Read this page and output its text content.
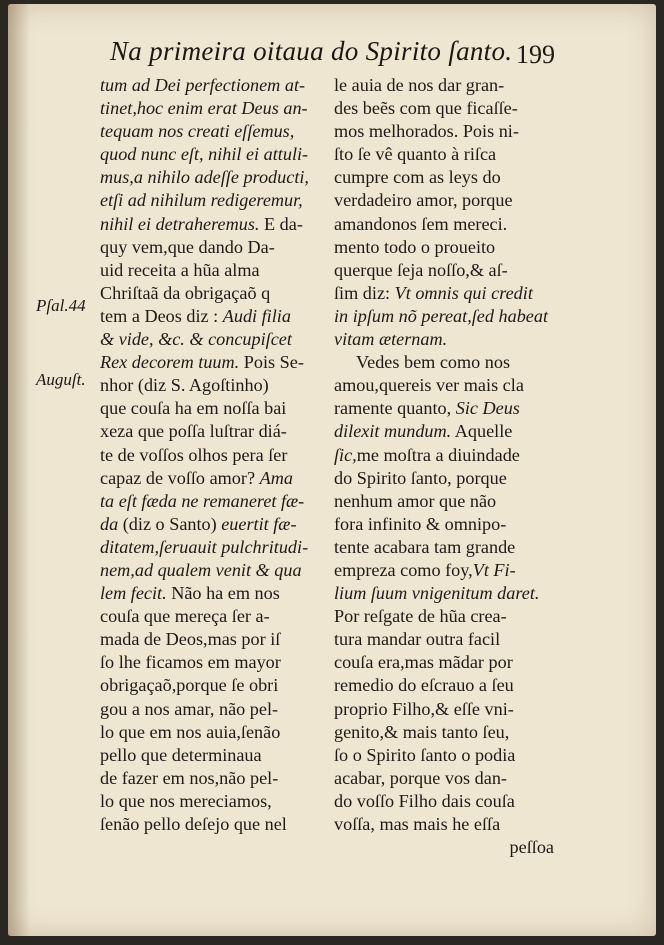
Na primeira oitaua do Spirito ſanto. 199
Pſal.44
Auguſt.
tum ad Dei perfectionem at-
tinet,hoc enim erat Deus an-
tequam nos creati eſſemus,
quod nunc eſt, nihil ei attuli-
mus,a nihilo adeſſe producti,
etſi ad nihilum redigeremur,
nihil ei detraheremus. E da-
quy vem,que dando Da-
uid receita a hũa alma
Chriſtaã da obrigaçaõ q
tem a Deos diz : Audi filia
& vide, &c. & concupiſcet
Rex decorem tuum. Pois Se-
nhor (diz S. Agoſtinho)
que couſa ha em noſſa bai
xeza que poſſa luſtrar diá-
te de voſſos olhos pera ſer
capaz de voſſo amor? Ama
ta eſt fæda ne remaneret fæ-
da (diz o Santo) euertit fæ-
ditatem,ſeruauit pulchritudi-
nem,ad qualem venit & qua
lem fecit. Não ha em nos
couſa que mereça ſer a-
mada de Deos,mas por iſ
ſo lhe ficamos em mayor
obrigaçaõ,porque ſe obri
gou a nos amar, não pel-
lo que em nos auia,ſenão
pello que determinaua
de fazer em nos,não pel-
lo que nos mereciamos,
ſenão pello deſejo que nel
le auia de nos dar gran-
des beẽs com que ficaſſe-
mos melhorados. Pois ni-
ſto ſe vê quanto à riſca
cumpre com as leys do
verdadeiro amor, porque
amandonos ſem mereci.
mento todo o proueito
querque ſeja noſſo,& aſ-
ſim diz: Vt omnis qui credit
in ipſum nõ pereat,ſed habeat
vitam æternam.
Vedes bem como nos
amou,quereis ver mais cla
ramente quanto, Sic Deus
dilexit mundum. Aquelle
ſic,me moſtra a diuindade
do Spirito ſanto, porque
nenhum amor que não
fora infinito & omnipo-
tente acabara tam grande
empreza como foy,Vt Fi-
lium ſuum vnigenitum daret.
Por reſgate de hũa crea-
tura mandar outra facil
couſa era,mas mãdar por
remedio do eſcrauo a ſeu
proprio Filho,& eſſe vni-
genito,& mais tanto ſeu,
ſo o Spirito ſanto o podia
acabar, porque vos dan-
do voſſo Filho dais couſa
voſſa, mas mais he eſſa
peſſoa
